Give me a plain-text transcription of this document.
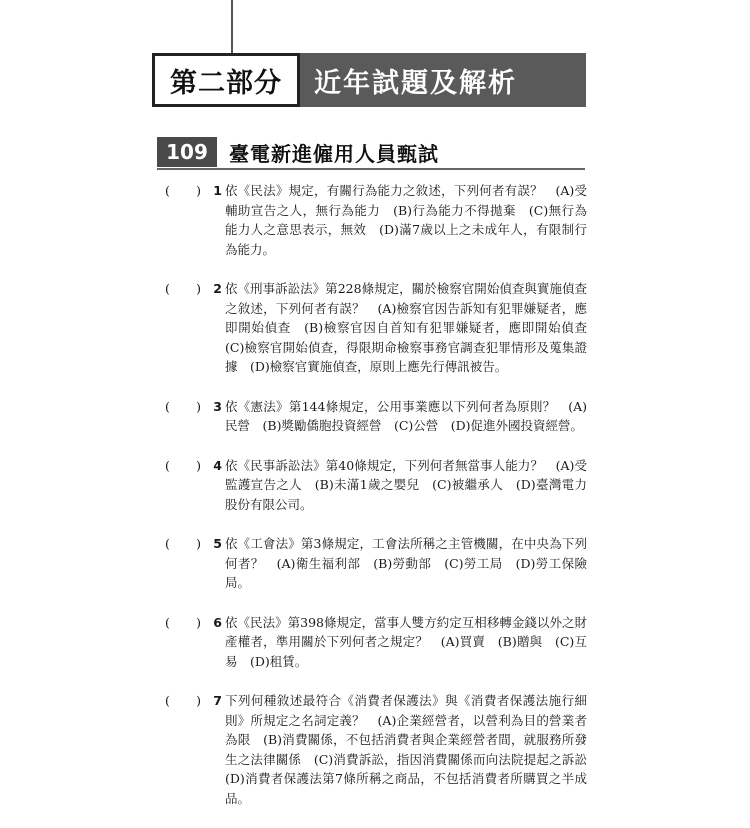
第二部分	近年試題及解析
109	臺電新進僱用人員甄試
( ) 1 依《民法》規定，有關行為能力之敘述，下列何者有誤？　(A)受輔助宣告之人，無行為能力　(B)行為能力不得拋棄　(C)無行為能力人之意思表示，無效　(D)滿7歲以上之未成年人，有限制行為能力。
( ) 2 依《刑事訴訟法》第228條規定，關於檢察官開始偵查與實施偵查之敘述，下列何者有誤？　(A)檢察官因告訴知有犯罪嫌疑者，應即開始偵查　(B)檢察官因自首知有犯罪嫌疑者，應即開始偵查　(C)檢察官開始偵查，得限期命檢察事務官調查犯罪情形及蒐集證據　(D)檢察官實施偵查，原則上應先行傳訊被告。
( ) 3 依《憲法》第144條規定，公用事業應以下列何者為原則？　(A)民營　(B)獎勵僑胞投資經營　(C)公營　(D)促進外國投資經營。
( ) 4 依《民事訴訟法》第40條規定，下列何者無當事人能力？　(A)受監護宣告之人　(B)未滿1歲之嬰兒　(C)被繼承人　(D)臺灣電力股份有限公司。
( ) 5 依《工會法》第3條規定，工會法所稱之主管機關，在中央為下列何者？　(A)衛生福利部　(B)勞動部　(C)勞工局　(D)勞工保險局。
( ) 6 依《民法》第398條規定，當事人雙方約定互相移轉金錢以外之財產權者，準用關於下列何者之規定？　(A)買賣　(B)贈與　(C)互易　(D)租賃。
( ) 7 下列何種敘述最符合《消費者保護法》與《消費者保護法施行細則》所規定之名詞定義？　(A)企業經營者，以營利為目的營業者為限　(B)消費關係，不包括消費者與企業經營者間，就服務所發生之法律關係　(C)消費訴訟，指因消費關係而向法院提起之訴訟　(D)消費者保護法第7條所稱之商品，不包括消費者所購買之半成品。
